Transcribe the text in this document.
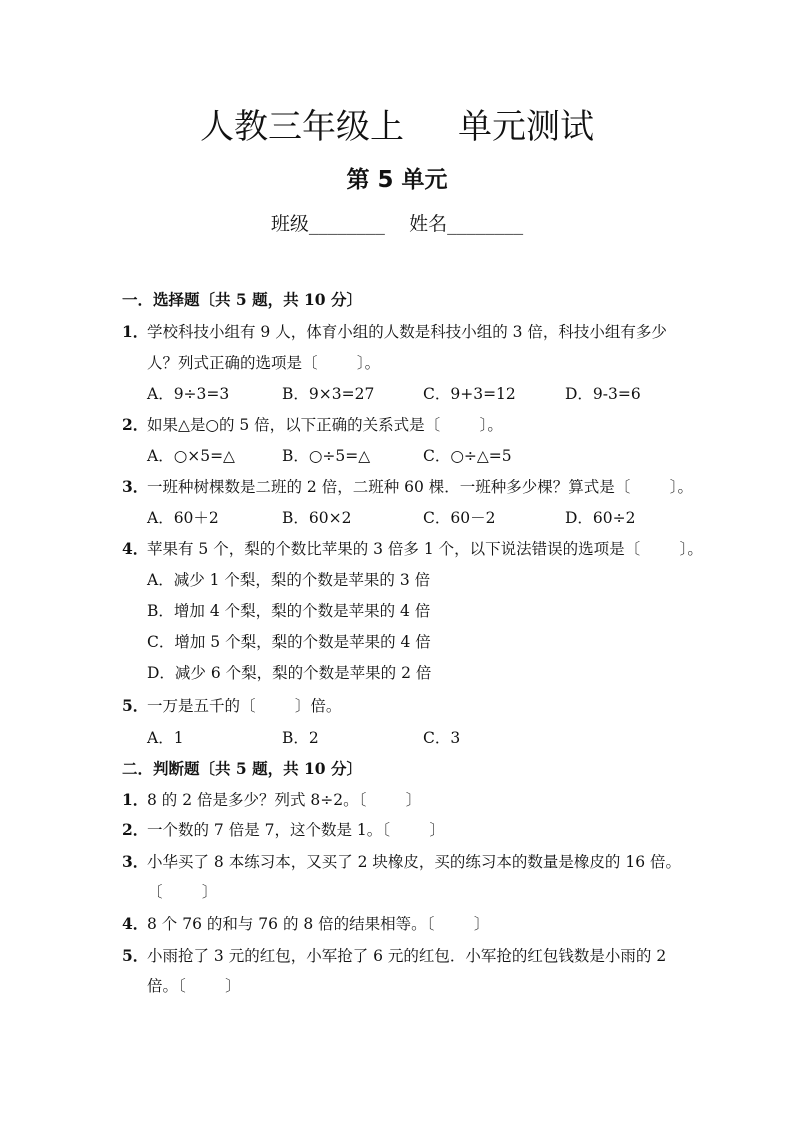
人教三年级上     单元测试
第 5 单元
班级________    姓名________
一．选择题〔共 5 题，共 10 分〕
1．
学校科技小组有 9 人，体育小组的人数是科技小组的 3 倍，科技小组有多少
人？列式正确的选项是〔        〕。
A．9÷3=3	B．9×3=27	C．9+3=12	D．9-3=6
2．
如果△是○的 5 倍，以下正确的关系式是〔        〕。
A．○×5=△	B．○÷5=△	C．○÷△=5
3．
一班种树棵数是二班的 2 倍，二班种 60 棵．一班种多少棵？算式是〔        〕。
A．60＋2	B．60×2	C．60－2	D．60÷2
4．
苹果有 5 个，梨的个数比苹果的 3 倍多 1 个，以下说法错误的选项是〔        〕。
A．减少 1 个梨，梨的个数是苹果的 3 倍
B．增加 4 个梨，梨的个数是苹果的 4 倍
C．增加 5 个梨，梨的个数是苹果的 4 倍
D．减少 6 个梨，梨的个数是苹果的 2 倍
5．
一万是五千的〔        〕倍。
A．1	B．2	C．3
二．判断题〔共 5 题，共 10 分〕
1．
8 的 2 倍是多少？列式 8÷2。〔        〕
2．
一个数的 7 倍是 7，这个数是 1。〔        〕
3．
小华买了 8 本练习本，又买了 2 块橡皮，买的练习本的数量是橡皮的 16 倍。
〔        〕
4．
8 个 76 的和与 76 的 8 倍的结果相等。〔        〕
5．
小雨抢了 3 元的红包，小军抢了 6 元的红包．小军抢的红包钱数是小雨的 2
倍。〔        〕
